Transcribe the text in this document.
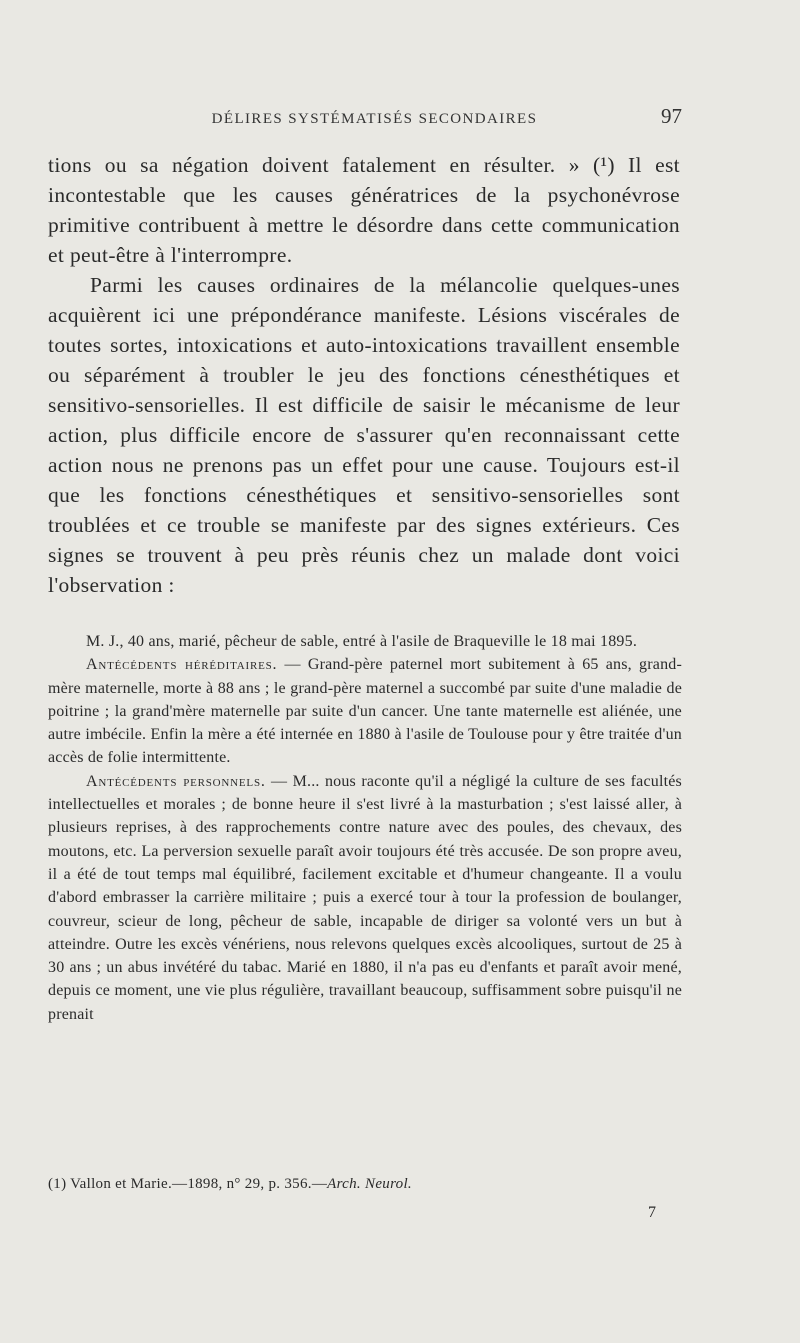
DÉLIRES SYSTÉMATISÉS SECONDAIRES	97

tions ou sa négation doivent fatalement en résulter. » (¹) Il est incontestable que les causes génératrices de la psychonévrose primitive contribuent à mettre le désordre dans cette communication et peut-être à l'interrompre.

Parmi les causes ordinaires de la mélancolie quelques-unes acquièrent ici une prépondérance manifeste. Lésions viscérales de toutes sortes, intoxications et auto-intoxications travaillent ensemble ou séparément à troubler le jeu des fonctions cénesthétiques et sensitivo-sensorielles. Il est difficile de saisir le mécanisme de leur action, plus difficile encore de s'assurer qu'en reconnaissant cette action nous ne prenons pas un effet pour une cause. Toujours est-il que les fonctions cénesthétiques et sensitivo-sensorielles sont troublées et ce trouble se manifeste par des signes extérieurs. Ces signes se trouvent à peu près réunis chez un malade dont voici l'observation :

M. J., 40 ans, marié, pêcheur de sable, entré à l'asile de Braqueville le 18 mai 1895.

Antécédents héréditaires. — Grand-père paternel mort subitement à 65 ans, grand-mère maternelle, morte à 88 ans ; le grand-père maternel a succombé par suite d'une maladie de poitrine ; la grand'mère maternelle par suite d'un cancer. Une tante maternelle est aliénée, une autre imbécile. Enfin la mère a été internée en 1880 à l'asile de Toulouse pour y être traitée d'un accès de folie intermittente.

Antécédents personnels. — M... nous raconte qu'il a négligé la culture de ses facultés intellectuelles et morales ; de bonne heure il s'est livré à la masturbation ; s'est laissé aller, à plusieurs reprises, à des rapprochements contre nature avec des poules, des chevaux, des moutons, etc. La perversion sexuelle paraît avoir toujours été très accusée. De son propre aveu, il a été de tout temps mal équilibré, facilement excitable et d'humeur changeante. Il a voulu d'abord embrasser la carrière militaire ; puis a exercé tour à tour la profession de boulanger, couvreur, scieur de long, pêcheur de sable, incapable de diriger sa volonté vers un but à atteindre. Outre les excès vénériens, nous relevons quelques excès alcooliques, surtout de 25 à 30 ans ; un abus invétéré du tabac. Marié en 1880, il n'a pas eu d'enfants et paraît avoir mené, depuis ce moment, une vie plus régulière, travaillant beaucoup, suffisamment sobre puisqu'il ne prenait

(1) Vallon et Marie.—1898, n° 29, p. 356.—Arch. Neurol.
7
